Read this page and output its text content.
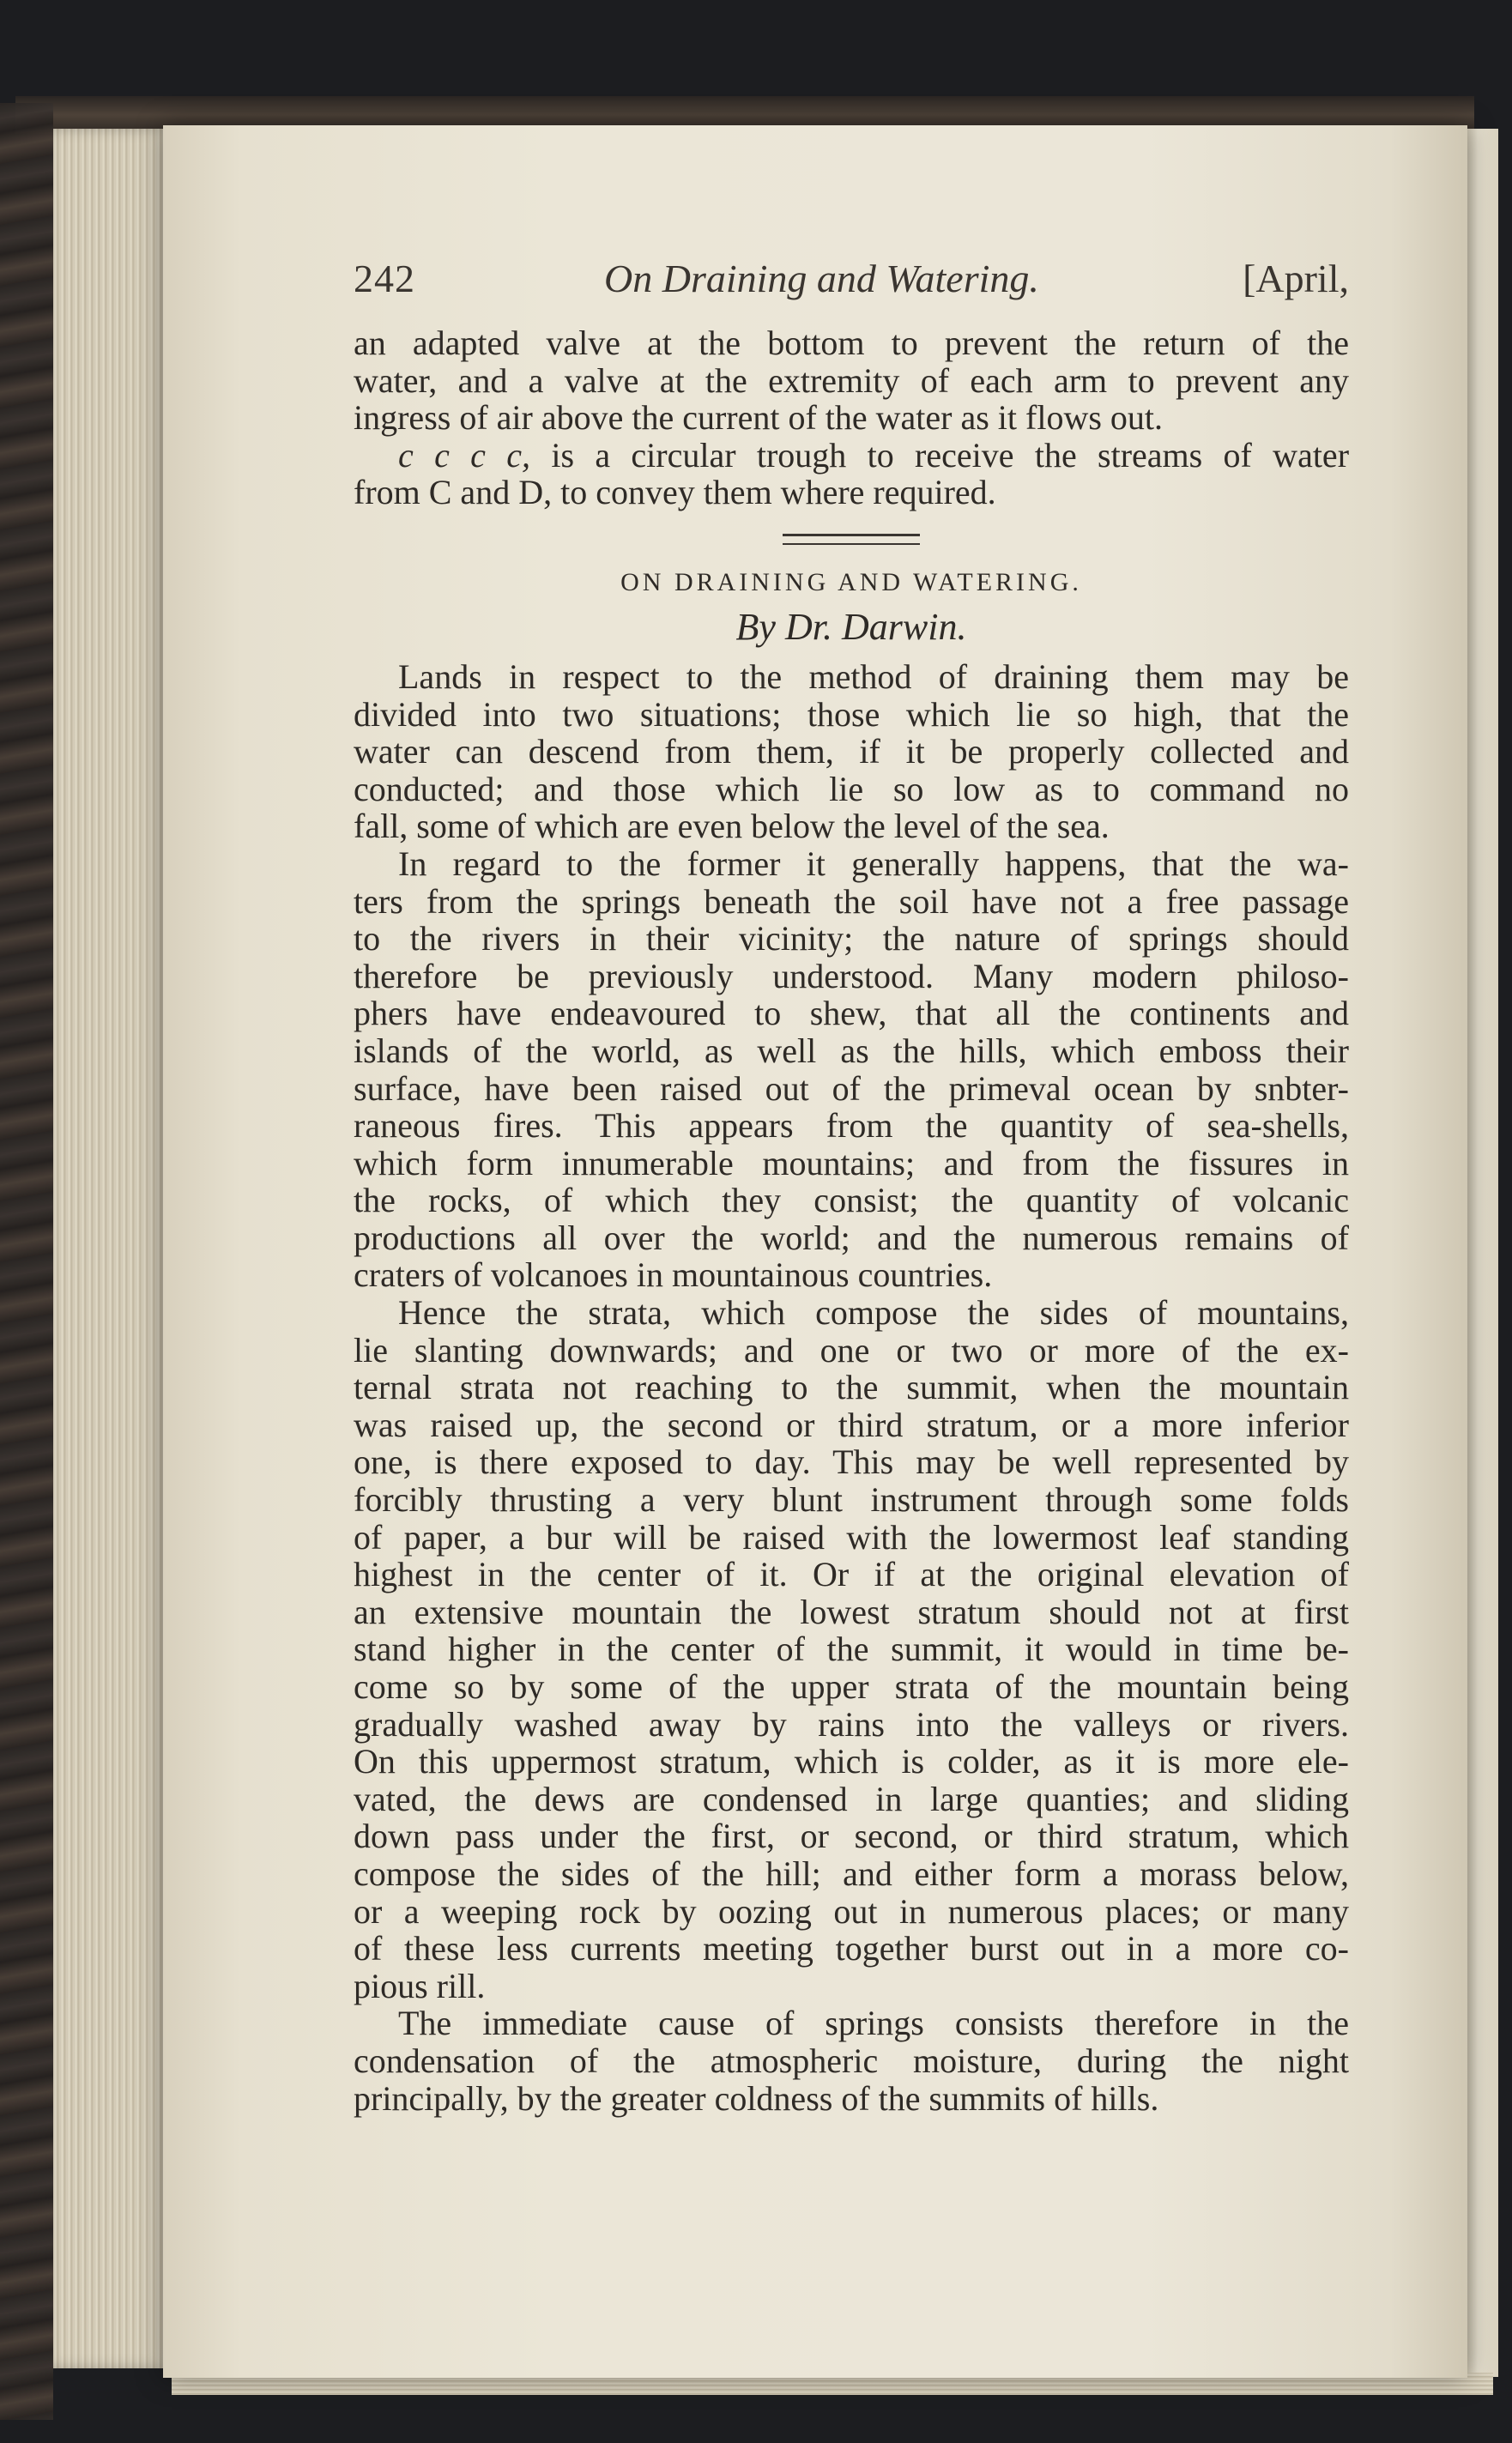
242	On Draining and Watering.	[April,

an adapted valve at the bottom to prevent the return of the
water, and a valve at the extremity of each arm to prevent any
ingress of air above the current of the water as it flows out.

c c c c, is a circular trough to receive the streams of water
from C and D, to convey them where required.

ON DRAINING AND WATERING.
By Dr. Darwin.

Lands in respect to the method of draining them may be
divided into two situations; those which lie so high, that the
water can descend from them, if it be properly collected and
conducted; and those which lie so low as to command no
fall, some of which are even below the level of the sea.

In regard to the former it generally happens, that the wa-
ters from the springs beneath the soil have not a free passage
to the rivers in their vicinity; the nature of springs should
therefore be previously understood. Many modern philoso-
phers have endeavoured to shew, that all the continents and
islands of the world, as well as the hills, which emboss their
surface, have been raised out of the primeval ocean by snbter-
raneous fires. This appears from the quantity of sea-shells,
which form innumerable mountains; and from the fissures in
the rocks, of which they consist; the quantity of volcanic
productions all over the world; and the numerous remains of
craters of volcanoes in mountainous countries.

Hence the strata, which compose the sides of mountains,
lie slanting downwards; and one or two or more of the ex-
ternal strata not reaching to the summit, when the mountain
was raised up, the second or third stratum, or a more inferior
one, is there exposed to day. This may be well represented by
forcibly thrusting a very blunt instrument through some folds
of paper, a bur will be raised with the lowermost leaf standing
highest in the center of it. Or if at the original elevation of
an extensive mountain the lowest stratum should not at first
stand higher in the center of the summit, it would in time be-
come so by some of the upper strata of the mountain being
gradually washed away by rains into the valleys or rivers.
On this uppermost stratum, which is colder, as it is more ele-
vated, the dews are condensed in large quanties; and sliding
down pass under the first, or second, or third stratum, which
compose the sides of the hill; and either form a morass below,
or a weeping rock by oozing out in numerous places; or many
of these less currents meeting together burst out in a more co-
pious rill.

The immediate cause of springs consists therefore in the
condensation of the atmospheric moisture, during the night
principally, by the greater coldness of the summits of hills.
